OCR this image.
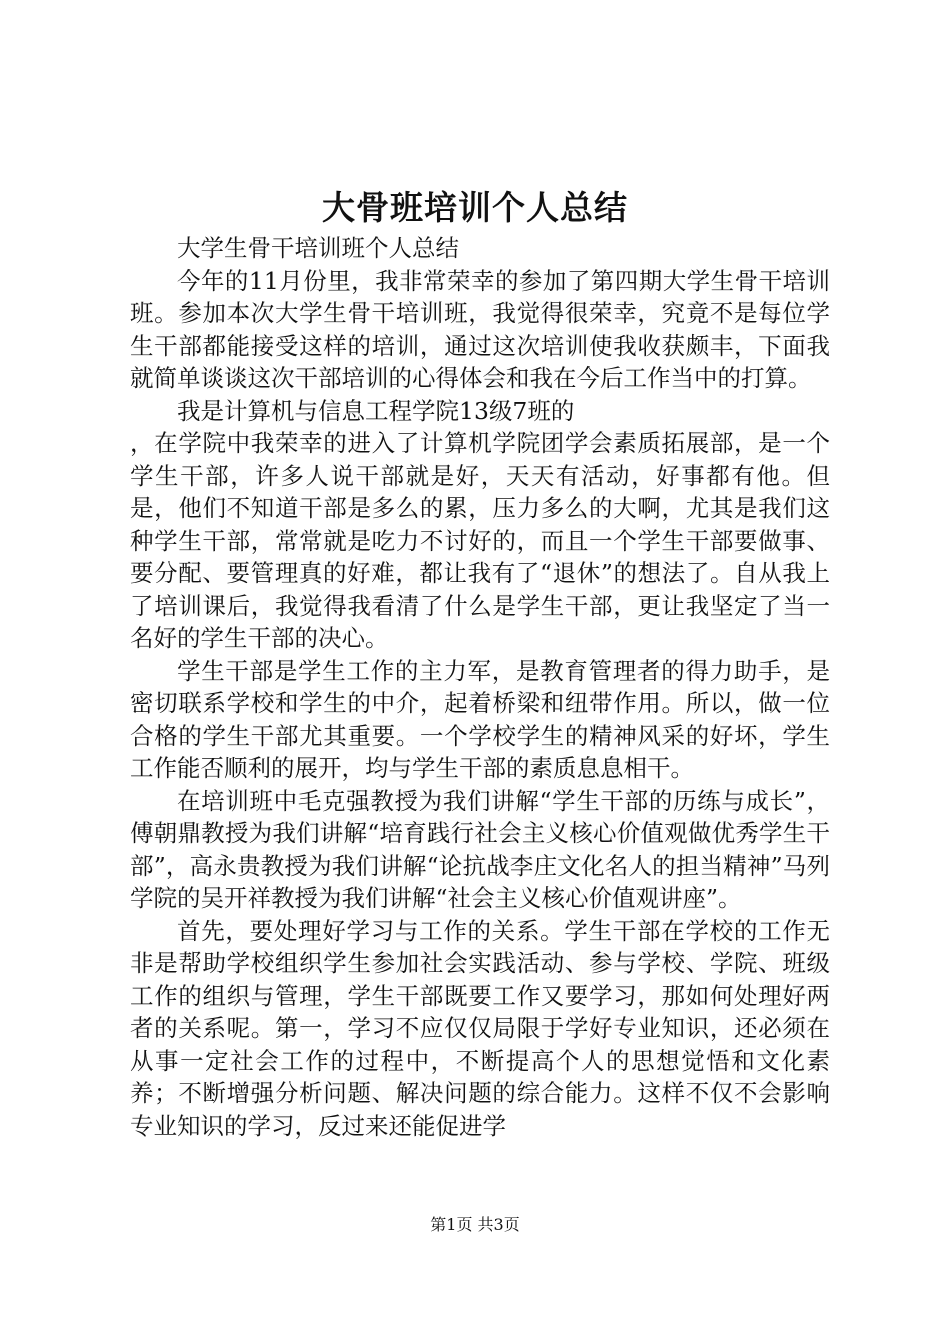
大骨班培训个人总结

大学生骨干培训班个人总结

今年的11月份里，我非常荣幸的参加了第四期大学生骨干培训班。参加本次大学生骨干培训班，我觉得很荣幸，究竟不是每位学生干部都能接受这样的培训，通过这次培训使我收获颇丰，下面我就简单谈谈这次干部培训的心得体会和我在今后工作当中的打算。

我是计算机与信息工程学院13级7班的

，在学院中我荣幸的进入了计算机学院团学会素质拓展部，是一个学生干部，许多人说干部就是好，天天有活动，好事都有他。但是，他们不知道干部是多么的累，压力多么的大啊，尤其是我们这种学生干部，常常就是吃力不讨好的，而且一个学生干部要做事、要分配、要管理真的好难，都让我有了“退休”的想法了。自从我上了培训课后，我觉得我看清了什么是学生干部，更让我坚定了当一名好的学生干部的决心。

学生干部是学生工作的主力军，是教育管理者的得力助手，是密切联系学校和学生的中介，起着桥梁和纽带作用。所以，做一位合格的学生干部尤其重要。一个学校学生的精神风采的好坏，学生工作能否顺利的展开，均与学生干部的素质息息相干。

在培训班中毛克强教授为我们讲解“学生干部的历练与成长”，傅朝鼎教授为我们讲解“培育践行社会主义核心价值观做优秀学生干部”，高永贵教授为我们讲解“论抗战李庄文化名人的担当精神”马列学院的吴开祥教授为我们讲解“社会主义核心价值观讲座”。

首先，要处理好学习与工作的关系。学生干部在学校的工作无非是帮助学校组织学生参加社会实践活动、参与学校、学院、班级工作的组织与管理，学生干部既要工作又要学习，那如何处理好两者的关系呢。第一，学习不应仅仅局限于学好专业知识，还必须在从事一定社会工作的过程中，不断提高个人的思想觉悟和文化素养；不断增强分析问题、解决问题的综合能力。这样不仅不会影响专业知识的学习，反过来还能促进学

第1页 共3页
